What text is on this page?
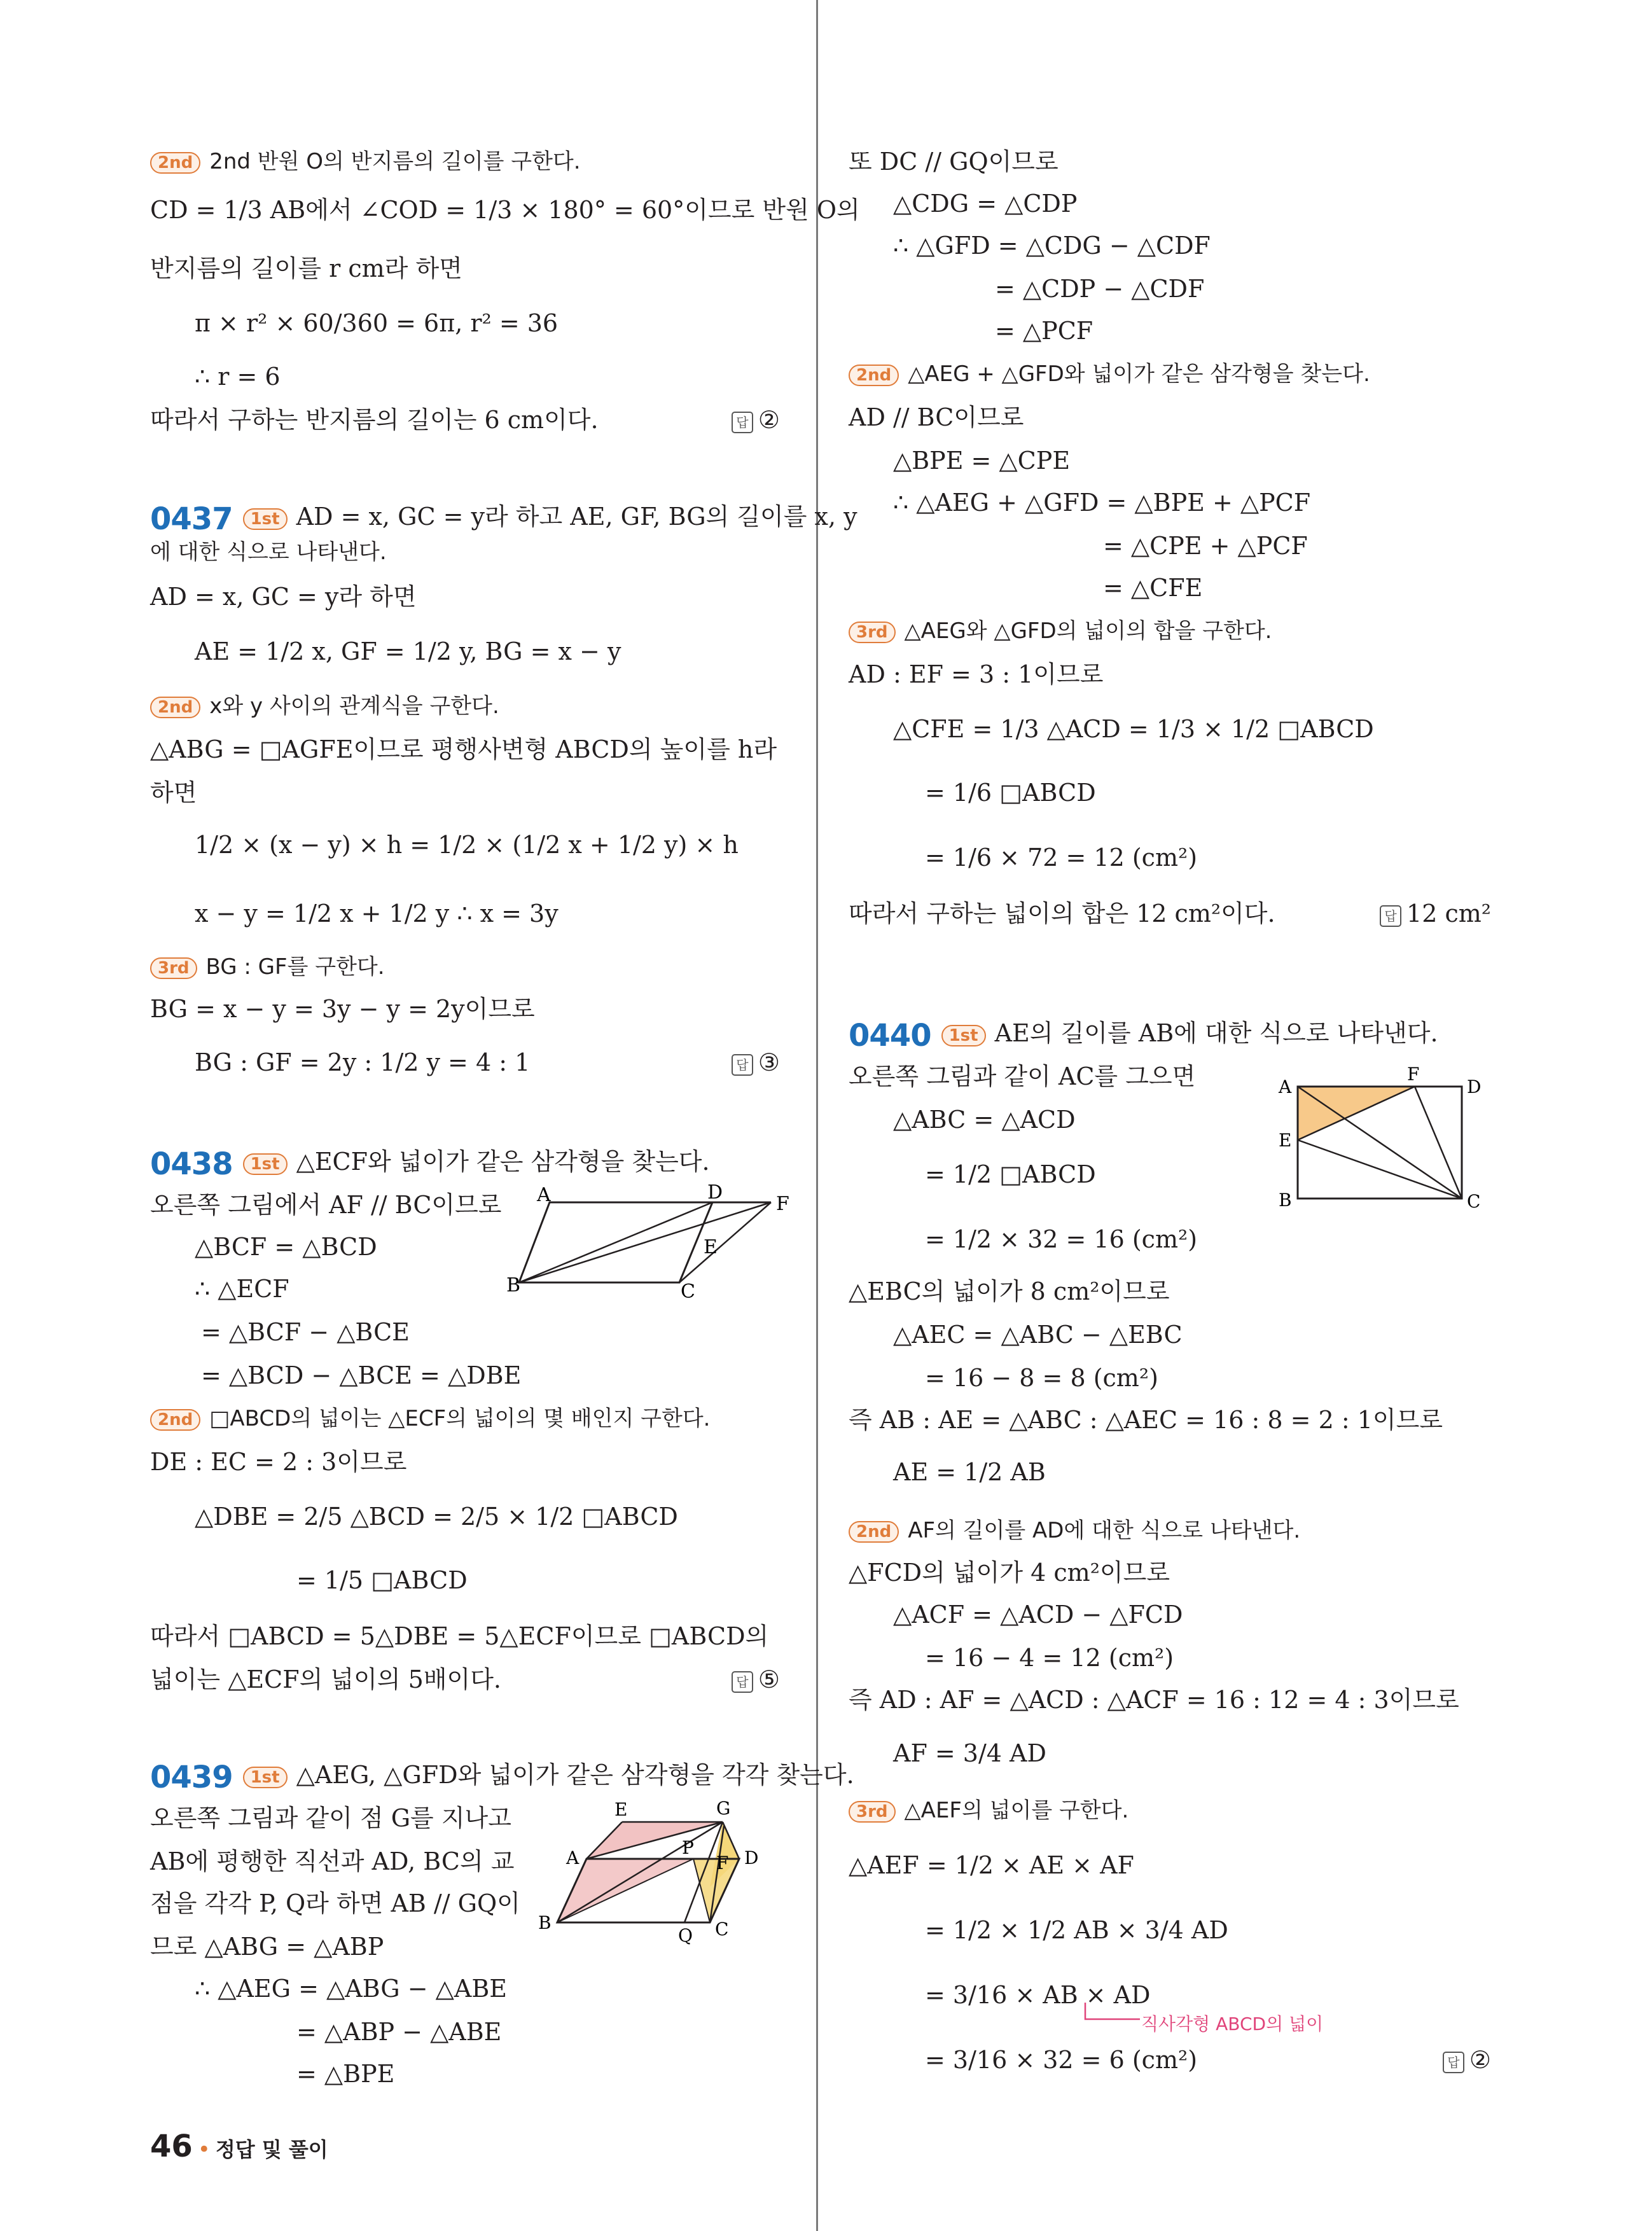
2nd 2nd 반원 O의 반지름의 길이를 구한다.
CD = 1/3 AB에서 ∠COD = 1/3 × 180° = 60°이므로 반원 O의
반지름의 길이를 r cm라 하면
π × r² × 60/360 = 6π, r² = 36
∴ r = 6
따라서 구하는 반지름의 길이는 6 cm이다.	답 ②
0437 1st AD = x, GC = y라 하고 AE, GF, BG의 길이를 x, y
에 대한 식으로 나타낸다.
AD = x, GC = y라 하면
AE = 1/2 x, GF = 1/2 y, BG = x − y
2nd x와 y 사이의 관계식을 구한다.
△ABG = □AGFE이므로 평행사변형 ABCD의 높이를 h라
하면
1/2 × (x − y) × h = 1/2 × (1/2 x + 1/2 y) × h
x − y = 1/2 x + 1/2 y ∴ x = 3y
3rd BG : GF를 구한다.
BG = x − y = 3y − y = 2y이므로
BG : GF = 2y : 1/2 y = 4 : 1	답 ③
0438 1st △ECF와 넓이가 같은 삼각형을 찾는다.
오른쪽 그림에서 AF // BC이므로
△BCF = △BCD
∴ △ECF
= △BCF − △BCE
= △BCD − △BCE = △DBE
2nd □ABCD의 넓이는 △ECF의 넓이의 몇 배인지 구한다.
DE : EC = 2 : 3이므로
△DBE = 2/5 △BCD = 2/5 × 1/2 □ABCD
= 1/5 □ABCD
따라서 □ABCD = 5△DBE = 5△ECF이므로 □ABCD의
넓이는 △ECF의 넓이의 5배이다.	답 ⑤
0439 1st △AEG, △GFD와 넓이가 같은 삼각형을 각각 찾는다.
오른쪽 그림과 같이 점 G를 지나고
AB에 평행한 직선과 AD, BC의 교
점을 각각 P, Q라 하면 AB // GQ이
므로 △ABG = △ABP
∴ △AEG = △ABG − △ABE
= △ABP − △ABE
= △BPE
A	D
F
E
B	C
E	G
A	P	D
F
B
Q C
또 DC // GQ이므로
△CDG = △CDP
∴ △GFD = △CDG − △CDF
= △CDP − △CDF
= △PCF
2nd △AEG + △GFD와 넓이가 같은 삼각형을 찾는다.
AD // BC이므로
△BPE = △CPE
∴ △AEG + △GFD = △BPE + △PCF
= △CPE + △PCF
= △CFE
3rd △AEG와 △GFD의 넓이의 합을 구한다.
AD : EF = 3 : 1이므로
△CFE = 1/3 △ACD = 1/3 × 1/2 □ABCD
= 1/6 □ABCD
= 1/6 × 72 = 12 (cm²)
따라서 구하는 넓이의 합은 12 cm²이다.	답 12 cm²
0440 1st AE의 길이를 AB에 대한 식으로 나타낸다.
오른쪽 그림과 같이 AC를 그으면
△ABC = △ACD
= 1/2 □ABCD
= 1/2 × 32 = 16 (cm²)
△EBC의 넓이가 8 cm²이므로
△AEC = △ABC − △EBC
= 16 − 8 = 8 (cm²)
즉 AB : AE = △ABC : △AEC = 16 : 8 = 2 : 1이므로
AE = 1/2 AB
2nd AF의 길이를 AD에 대한 식으로 나타낸다.
△FCD의 넓이가 4 cm²이므로
△ACF = △ACD − △FCD
= 16 − 4 = 12 (cm²)
즉 AD : AF = △ACD : △ACF = 16 : 12 = 4 : 3이므로
AF = 3/4 AD
3rd △AEF의 넓이를 구한다.
△AEF = 1/2 × AE × AF
= 1/2 × 1/2 AB × 3/4 AD
= 3/16 × AB × AD
직사각형 ABCD의 넓이
= 3/16 × 32 = 6 (cm²)	답 ②
A
F
D
E
B	C
46 • 정답 및 풀이
